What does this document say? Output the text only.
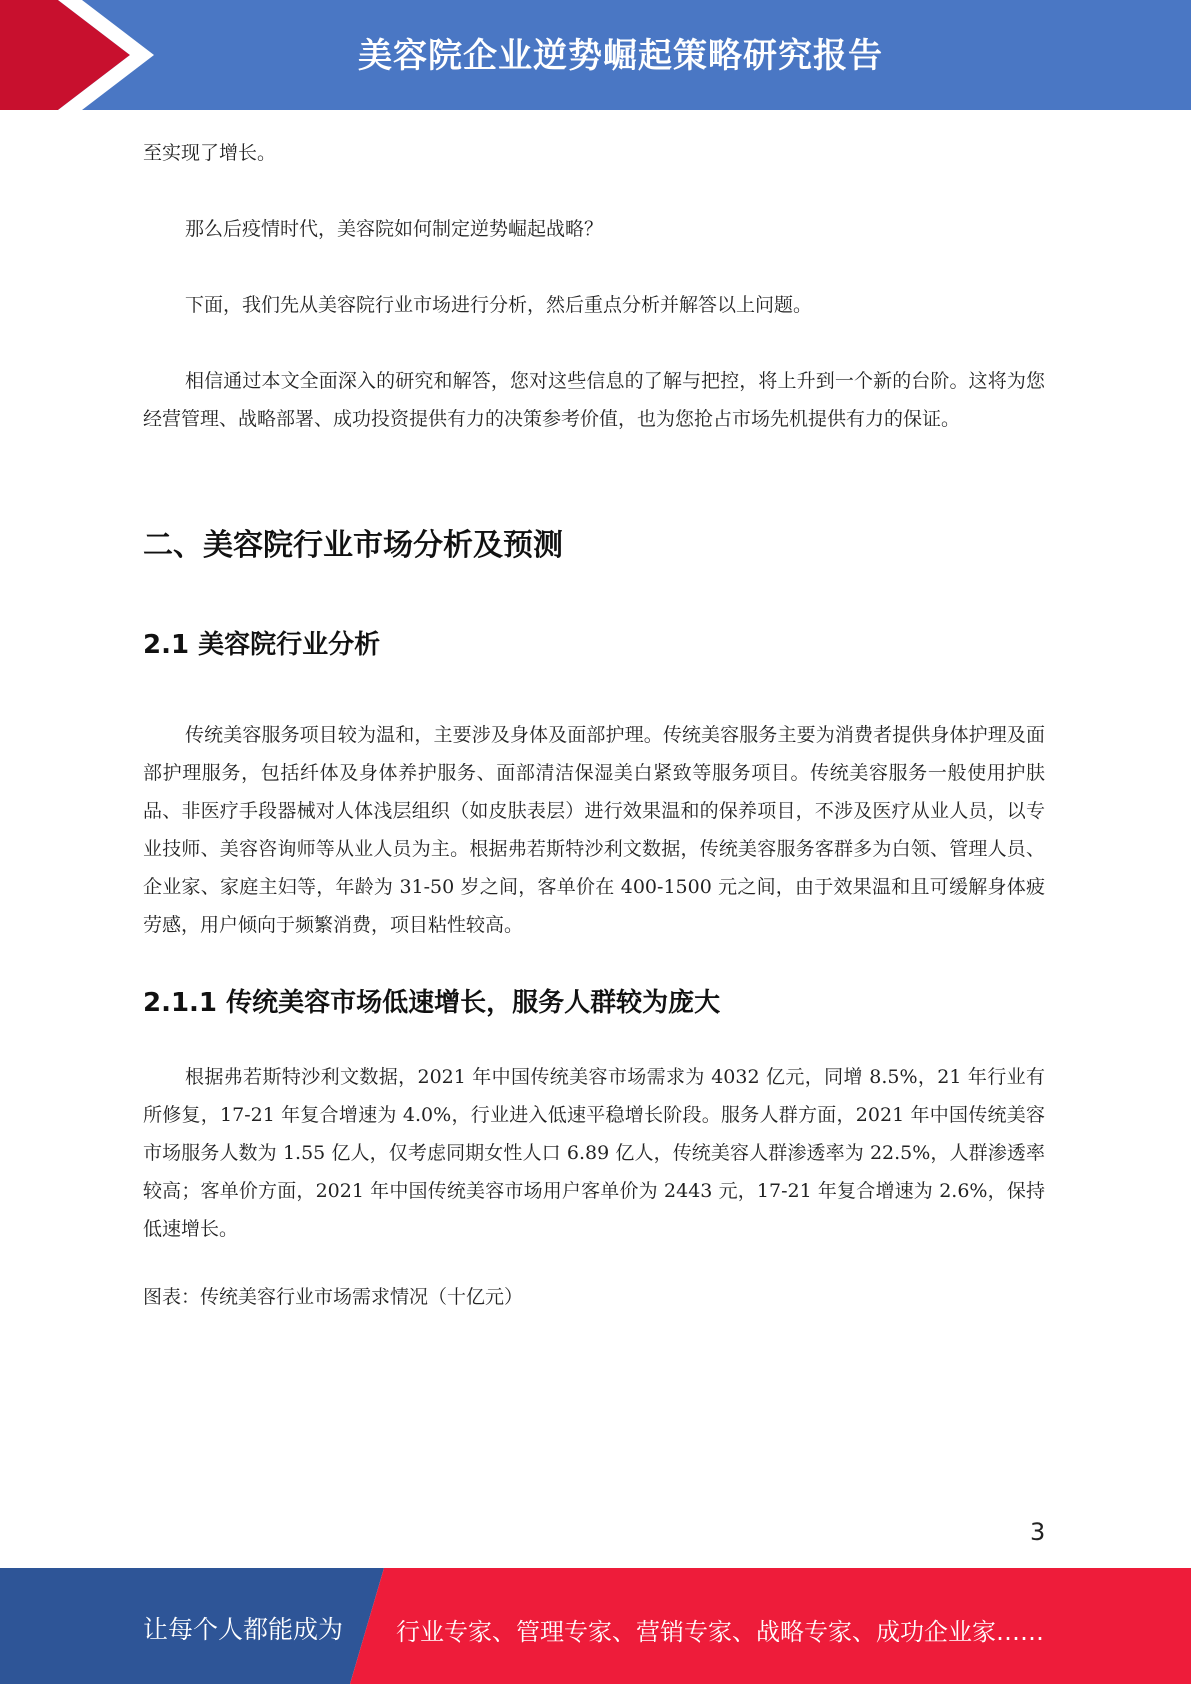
美容院企业逆势崛起策略研究报告

至实现了增长。

那么后疫情时代，美容院如何制定逆势崛起战略？

下面，我们先从美容院行业市场进行分析，然后重点分析并解答以上问题。

相信通过本文全面深入的研究和解答，您对这些信息的了解与把控，将上升到一个新的台阶。这将为您经营管理、战略部署、成功投资提供有力的决策参考价值，也为您抢占市场先机提供有力的保证。

二、美容院行业市场分析及预测
2.1 美容院行业分析

传统美容服务项目较为温和，主要涉及身体及面部护理。传统美容服务主要为消费者提供身体护理及面部护理服务，包括纤体及身体养护服务、面部清洁保湿美白紧致等服务项目。传统美容服务一般使用护肤品、非医疗手段器械对人体浅层组织（如皮肤表层）进行效果温和的保养项目，不涉及医疗从业人员，以专业技师、美容咨询师等从业人员为主。根据弗若斯特沙利文数据，传统美容服务客群多为白领、管理人员、企业家、家庭主妇等，年龄为 31-50 岁之间，客单价在 400-1500 元之间，由于效果温和且可缓解身体疲劳感，用户倾向于频繁消费，项目粘性较高。

2.1.1 传统美容市场低速增长，服务人群较为庞大

根据弗若斯特沙利文数据，2021 年中国传统美容市场需求为 4032 亿元，同增 8.5%，21 年行业有所修复，17-21 年复合增速为 4.0%，行业进入低速平稳增长阶段。服务人群方面，2021 年中国传统美容市场服务人数为 1.55 亿人，仅考虑同期女性人口 6.89 亿人，传统美容人群渗透率为 22.5%，人群渗透率较高；客单价方面，2021 年中国传统美容市场用户客单价为 2443 元，17-21 年复合增速为 2.6%，保持低速增长。

图表：传统美容行业市场需求情况（十亿元）
3
让每个人都能成为 行业专家、管理专家、营销专家、战略专家、成功企业家……
